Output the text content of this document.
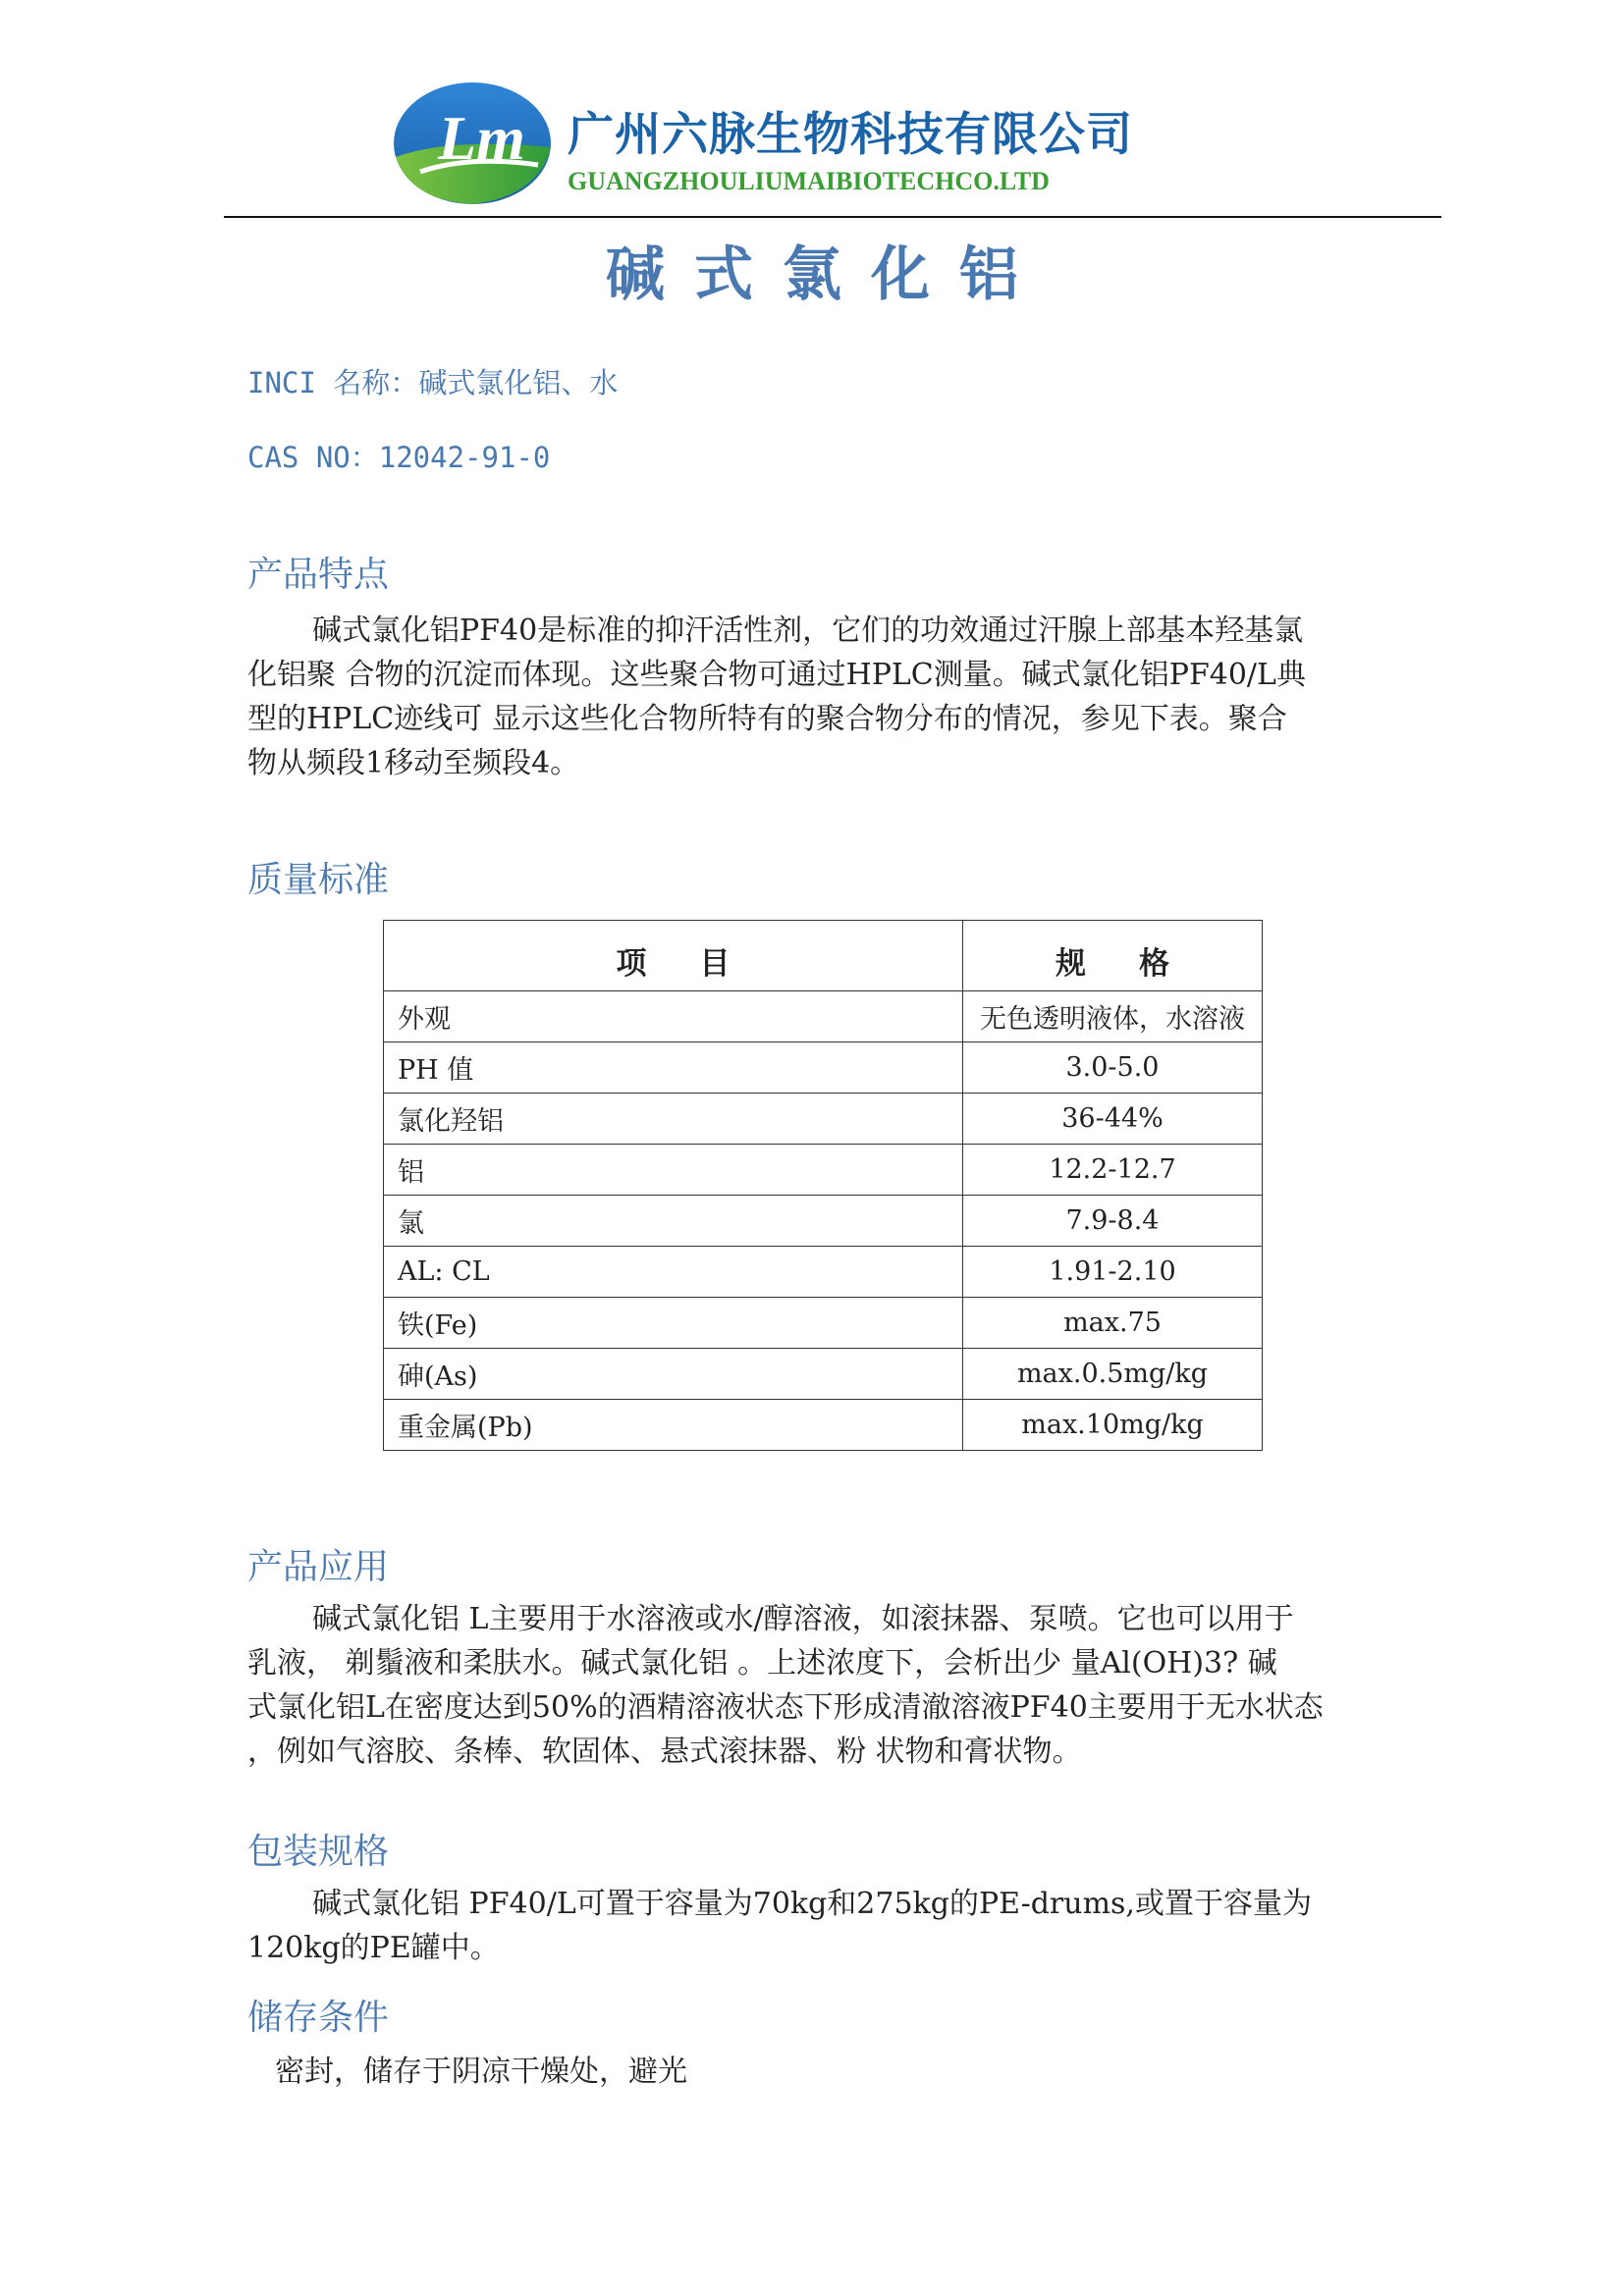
Lm 广州六脉生物科技有限公司
GUANGZHOULIUMAIBIOTECHCO.LTD
碱式氯化铝
INCI 名称：碱式氯化铝、水
CAS NO：12042-91-0
产品特点
碱式氯化铝PF40是标准的抑汗活性剂，它们的功效通过汗腺上部基本羟基氯
化铝聚 合物的沉淀而体现。这些聚合物可通过HPLC测量。碱式氯化铝PF40/L典
型的HPLC迹线可 显示这些化合物所特有的聚合物分布的情况，参见下表。聚合
物从频段1移动至频段4。
质量标准
项目	规格
外观	无色透明液体，水溶液
PH 值	3.0-5.0
氯化羟铝	36-44%
铝	12.2-12.7
氯	7.9-8.4
AL: CL	1.91-2.10
铁(Fe)	max.75
砷(As)	max.0.5mg/kg
重金属(Pb)	max.10mg/kg
产品应用
碱式氯化铝 L主要用于水溶液或水/醇溶液，如滚抹器、泵喷。它也可以用于
乳液， 剃鬚液和柔肤水。碱式氯化铝 。上述浓度下，会析出少 量Al(OH)3? 碱
式氯化铝L在密度达到50%的酒精溶液状态下形成清澈溶液PF40主要用于无水状态
，例如气溶胶、条棒、软固体、悬式滚抹器、粉 状物和膏状物。
包装规格
碱式氯化铝 PF40/L可置于容量为70kg和275kg的PE-drums,或置于容量为
120kg的PE罐中。
储存条件
密封，储存于阴凉干燥处，避光
